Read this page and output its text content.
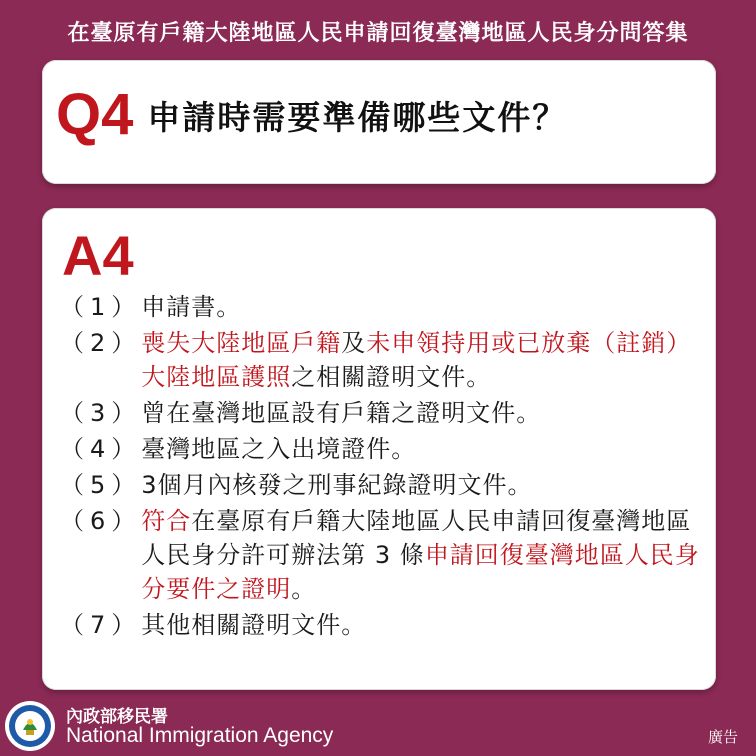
在臺原有戶籍大陸地區人民申請回復臺灣地區人民身分問答集
Q4 申請時需要準備哪些文件？
A4
（1） 申請書。
（2） 喪失大陸地區戶籍及未申領持用或已放棄（註銷）大陸地區護照之相關證明文件。
（3） 曾在臺灣地區設有戶籍之證明文件。
（4） 臺灣地區之入出境證件。
（5） 3個月內核發之刑事紀錄證明文件。
（6） 符合在臺原有戶籍大陸地區人民申請回復臺灣地區人民身分許可辦法第 3 條申請回復臺灣地區人民身分要件之證明。
（7） 其他相關證明文件。
內政部移民署
National Immigration Agency	廣告
